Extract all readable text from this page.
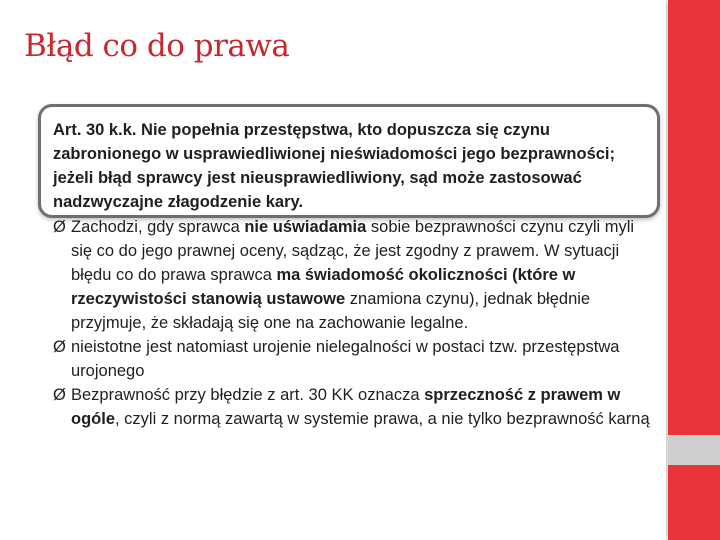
Błąd co do prawa

Art. 30 k.k. Nie popełnia przestępstwa, kto dopuszcza się czynu zabronionego w usprawiedliwionej nieświadomości jego bezprawności; jeżeli błąd sprawcy jest nieusprawiedliwiony, sąd może zastosować nadzwyczajne złagodzenie kary.

Ø Zachodzi, gdy sprawca nie uświadamia sobie bezprawności czynu czyli myli się co do jego prawnej oceny, sądząc, że jest zgodny z prawem. W sytuacji błędu co do prawa sprawca ma świadomość okoliczności (które w rzeczywistości stanowią ustawowe znamiona czynu), jednak błędnie przyjmuje, że składają się one na zachowanie legalne.

Ø nieistotne jest natomiast urojenie nielegalności w postaci tzw. przestępstwa urojonego

Ø Bezprawność przy błędzie z art. 30 KK oznacza sprzeczność z prawem w ogóle, czyli z normą zawartą w systemie prawa, a nie tylko bezprawność karną
